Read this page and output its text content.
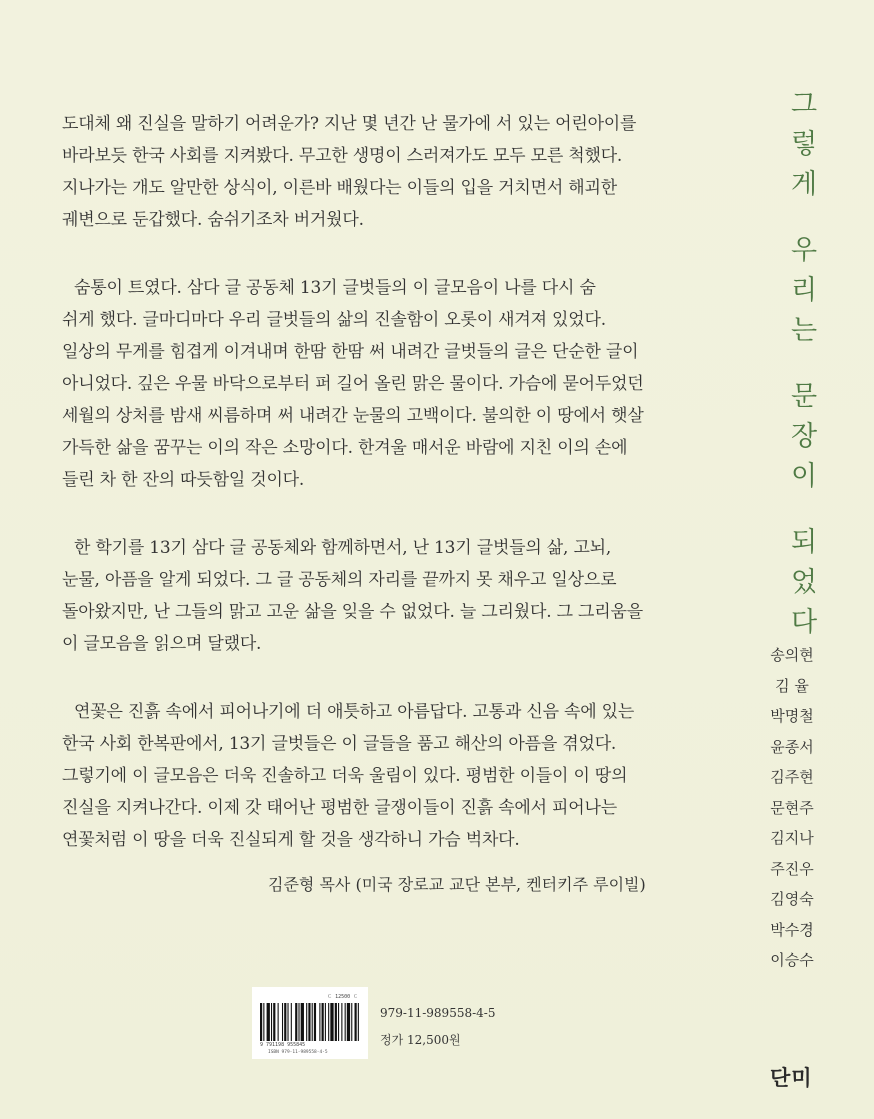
도대체 왜 진실을 말하기 어려운가? 지난 몇 년간 난 물가에 서 있는 어린아이를
바라보듯 한국 사회를 지켜봤다. 무고한 생명이 스러져가도 모두 모른 척했다.
지나가는 개도 알만한 상식이, 이른바 배웠다는 이들의 입을 거치면서 해괴한
궤변으로 둔갑했다. 숨쉬기조차 버거웠다.

숨통이 트였다. 삼다 글 공동체 13기 글벗들의 이 글모음이 나를 다시 숨
쉬게 했다. 글마디마다 우리 글벗들의 삶의 진솔함이 오롯이 새겨져 있었다.
일상의 무게를 힘겹게 이겨내며 한땀 한땀 써 내려간 글벗들의 글은 단순한 글이
아니었다. 깊은 우물 바닥으로부터 퍼 길어 올린 맑은 물이다. 가슴에 묻어두었던
세월의 상처를 밤새 씨름하며 써 내려간 눈물의 고백이다. 불의한 이 땅에서 햇살
가득한 삶을 꿈꾸는 이의 작은 소망이다. 한겨울 매서운 바람에 지친 이의 손에
들린 차 한 잔의 따듯함일 것이다.

한 학기를 13기 삼다 글 공동체와 함께하면서, 난 13기 글벗들의 삶, 고뇌,
눈물, 아픔을 알게 되었다. 그 글 공동체의 자리를 끝까지 못 채우고 일상으로
돌아왔지만, 난 그들의 맑고 고운 삶을 잊을 수 없었다. 늘 그리웠다. 그 그리움을
이 글모음을 읽으며 달랬다.

연꽃은 진흙 속에서 피어나기에 더 애틋하고 아름답다. 고통과 신음 속에 있는
한국 사회 한복판에서, 13기 글벗들은 이 글들을 품고 해산의 아픔을 겪었다.
그렇기에 이 글모음은 더욱 진솔하고 더욱 울림이 있다. 평범한 이들이 이 땅의
진실을 지켜나간다. 이제 갓 태어난 평범한 글쟁이들이 진흙 속에서 피어나는
연꽃처럼 이 땅을 더욱 진실되게 할 것을 생각하니 가슴 벅차다.

김준형 목사 (미국 장로교 교단 본부, 켄터키주 루이빌)
그
렇
게
우
리
는
문
장
이
되
었
다
송의현
김 율
박명철
윤종서
김주현
문현주
김지나
주진우
김영숙
박수경
이승수
ㄷ 12500 ㄷ
9 791198 955845
ISBN 979-11-989558-4-5
979-11-989558-4-5
정가 12,500원
단미
